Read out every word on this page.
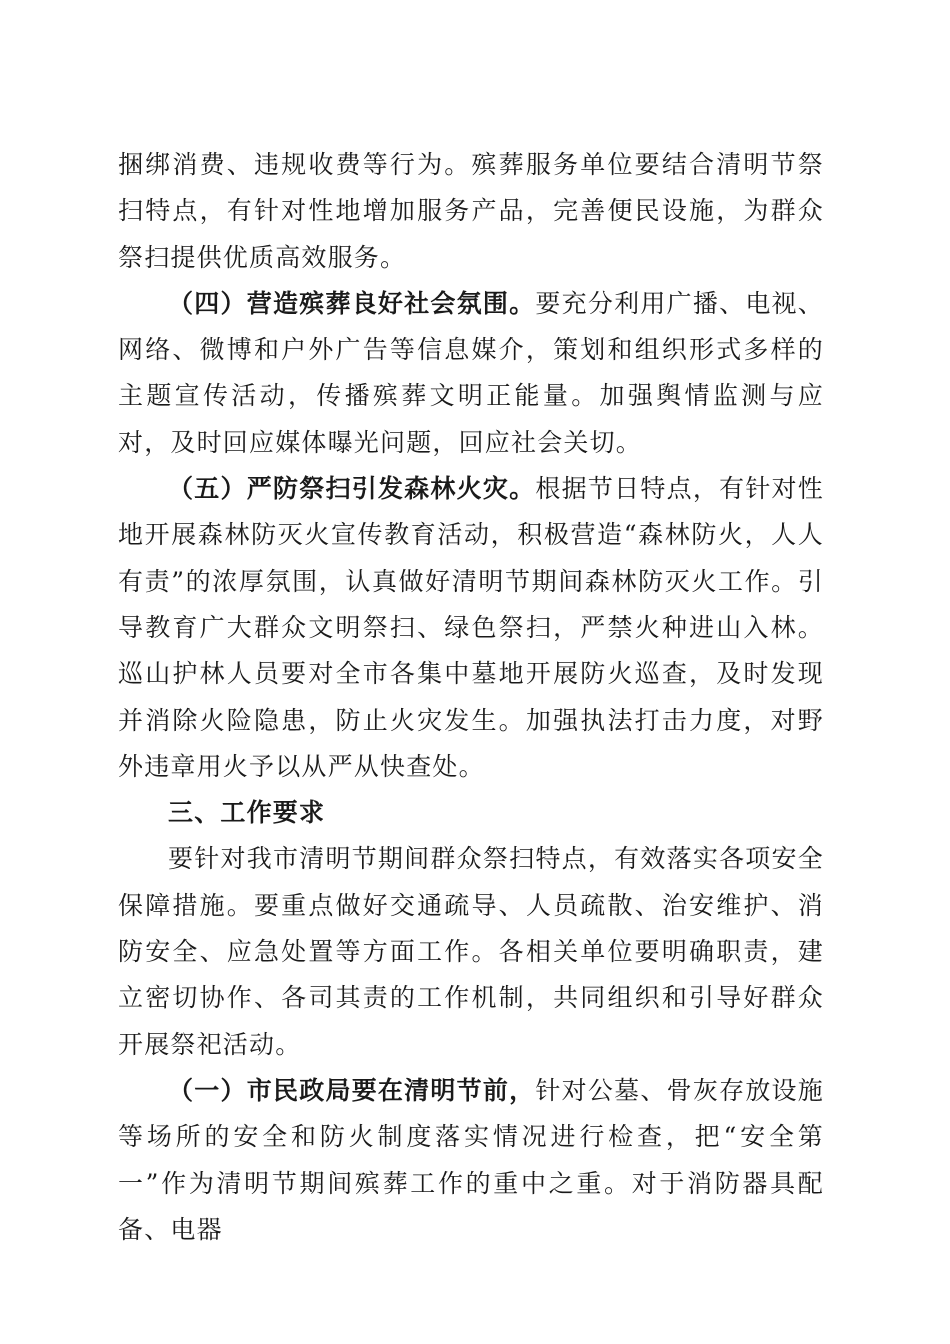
捆绑消费、违规收费等行为。殡葬服务单位要结合清明节祭扫特点，有针对性地增加服务产品，完善便民设施，为群众祭扫提供优质高效服务。

（四）营造殡葬良好社会氛围。要充分利用广播、电视、网络、微博和户外广告等信息媒介，策划和组织形式多样的主题宣传活动，传播殡葬文明正能量。加强舆情监测与应对，及时回应媒体曝光问题，回应社会关切。

（五）严防祭扫引发森林火灾。根据节日特点，有针对性地开展森林防灭火宣传教育活动，积极营造“森林防火，人人有责”的浓厚氛围，认真做好清明节期间森林防灭火工作。引导教育广大群众文明祭扫、绿色祭扫，严禁火种进山入林。巡山护林人员要对全市各集中墓地开展防火巡查，及时发现并消除火险隐患，防止火灾发生。加强执法打击力度，对野外违章用火予以从严从快查处。

三、工作要求

要针对我市清明节期间群众祭扫特点，有效落实各项安全保障措施。要重点做好交通疏导、人员疏散、治安维护、消防安全、应急处置等方面工作。各相关单位要明确职责，建立密切协作、各司其责的工作机制，共同组织和引导好群众开展祭祀活动。

（一）市民政局要在清明节前，针对公墓、骨灰存放设施等场所的安全和防火制度落实情况进行检查，把“安全第一”作为清明节期间殡葬工作的重中之重。对于消防器具配备、电器
